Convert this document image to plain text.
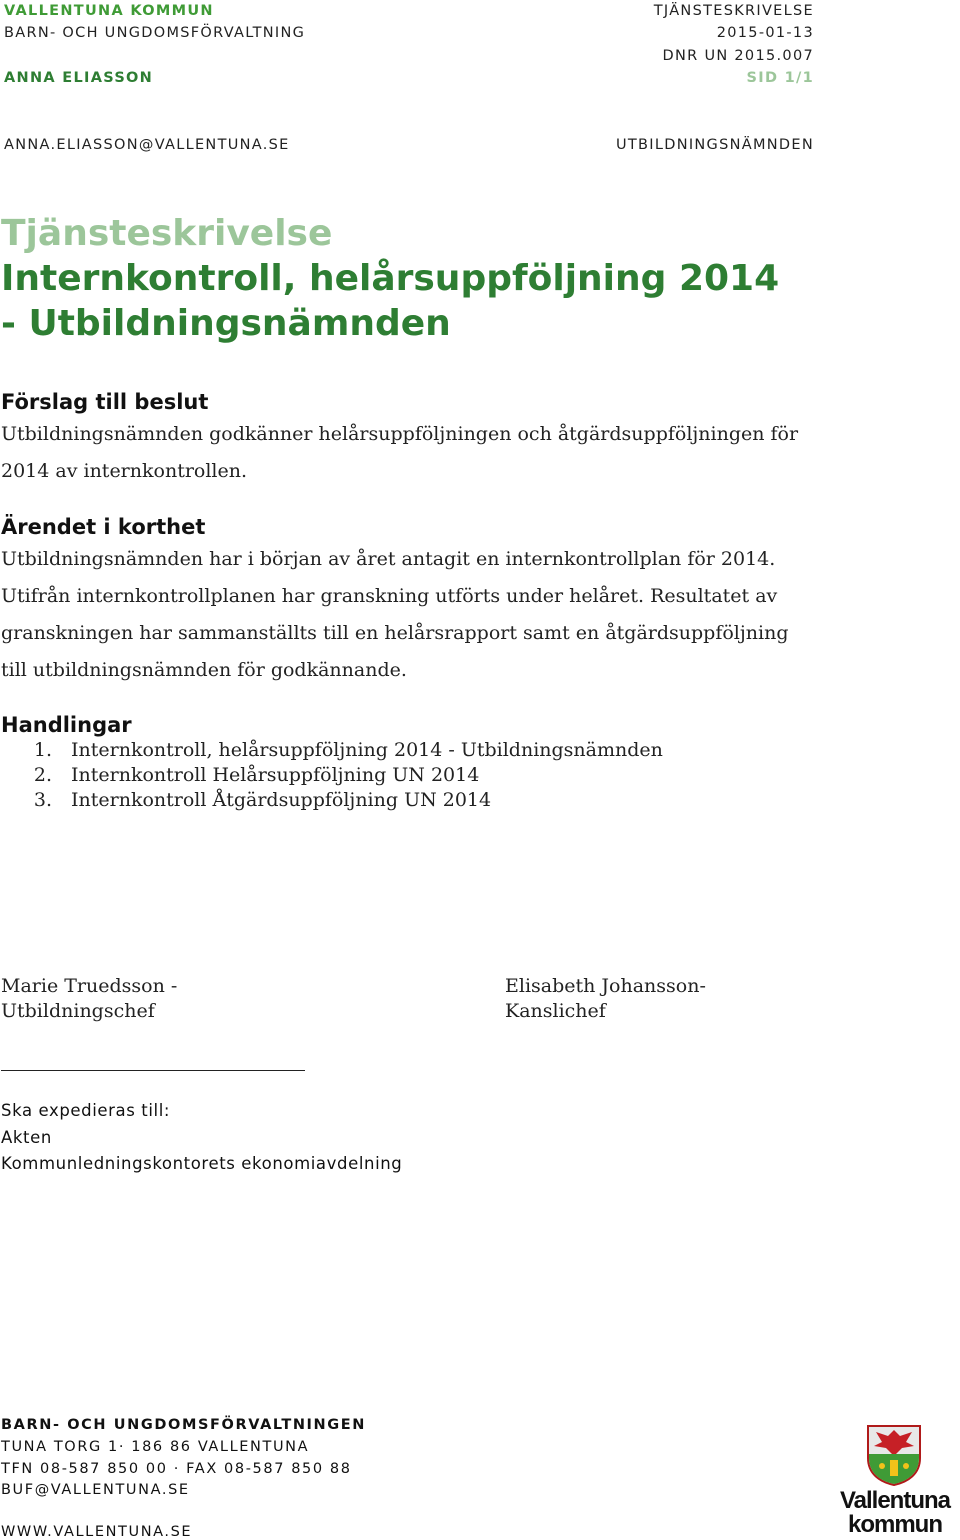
VALLENTUNA KOMMUN
BARN- OCH UNGDOMSFÖRVALTNING
ANNA ELIASSON
ANNA.ELIASSON@VALLENTUNA.SE
TJÄNSTESKRIVELSE
2015-01-13
DNR UN 2015.007
SID 1/1
UTBILDNINGSNÄMNDEN
Tjänsteskrivelse
Internkontroll, helårsuppföljning 2014
- Utbildningsnämnden
Förslag till beslut
Utbildningsnämnden godkänner helårsuppföljningen och åtgärdsuppföljningen för 2014 av internkontrollen.
Ärendet i korthet
Utbildningsnämnden har i början av året antagit en internkontrollplan för 2014. Utifrån internkontrollplanen har granskning utförts under helåret. Resultatet av granskningen har sammanställts till en helårsrapport samt en åtgärdsuppföljning till utbildningsnämnden för godkännande.
Handlingar
1. Internkontroll, helårsuppföljning 2014 - Utbildningsnämnden
2. Internkontroll Helårsuppföljning UN 2014
3. Internkontroll Åtgärdsuppföljning UN 2014
Marie Truedsson -
Utbildningschef
Elisabeth Johansson-
Kanslichef
Ska expedieras till:
Akten
Kommunledningskontorets ekonomiavdelning
BARN- OCH UNGDOMSFÖRVALTNINGEN
TUNA TORG 1· 186 86 VALLENTUNA
TFN 08-587 850 00 · FAX 08-587 850 88
BUF@VALLENTUNA.SE
WWW.VALLENTUNA.SE
Vallentuna
kommun
